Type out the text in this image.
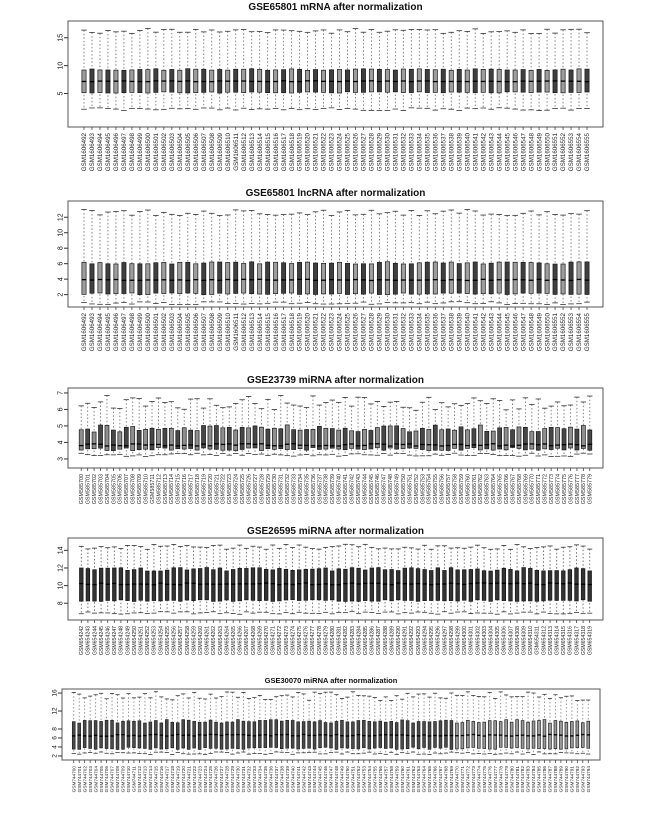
GSE65801 mRNA after normalization
5
10
15
GSM1606492 GSM1606493 GSM1606494 GSM1606495 GSM1606496 GSM1606497 GSM1606498 GSM1606499 GSM1606500 GSM1606501 GSM1606502 GSM1606503 GSM1606504 GSM1606505 GSM1606506 GSM1606507 GSM1606508 GSM1606509 GSM1606510 GSM1606511 GSM1606512 GSM1606513 GSM1606514 GSM1606515 GSM1606516 GSM1606517 GSM1606518 GSM1606519 GSM1606520 GSM1606521 GSM1606522 GSM1606523 GSM1606524 GSM1606525 GSM1606526 GSM1606527 GSM1606528 GSM1606529 GSM1606530 GSM1606531 GSM1606532 GSM1606533 GSM1606534 GSM1606535 GSM1606536 GSM1606537 GSM1606538 GSM1606539 GSM1606540 GSM1606541 GSM1606542 GSM1606543 GSM1606544 GSM1606545 GSM1606546 GSM1606547 GSM1606548 GSM1606549 GSM1606550 GSM1606551 GSM1606552 GSM1606553 GSM1606554 GSM1606555
GSE65801 lncRNA after normalization
2
4
6
8
10
12
GSM1606492 GSM1606493 GSM1606494 GSM1606495 GSM1606496 GSM1606497 GSM1606498 GSM1606499 GSM1606500 GSM1606501 GSM1606502 GSM1606503 GSM1606504 GSM1606505 GSM1606506 GSM1606507 GSM1606508 GSM1606509 GSM1606510 GSM1606511 GSM1606512 GSM1606513 GSM1606514 GSM1606515 GSM1606516 GSM1606517 GSM1606518 GSM1606519 GSM1606520 GSM1606521 GSM1606522 GSM1606523 GSM1606524 GSM1606525 GSM1606526 GSM1606527 GSM1606528 GSM1606529 GSM1606530 GSM1606531 GSM1606532 GSM1606533 GSM1606534 GSM1606535 GSM1606536 GSM1606537 GSM1606538 GSM1606539 GSM1606540 GSM1606541 GSM1606542 GSM1606543 GSM1606544 GSM1606545 GSM1606546 GSM1606547 GSM1606548 GSM1606549 GSM1606550 GSM1606551 GSM1606552 GSM1606553 GSM1606554 GSM1606555
GSE23739 miRNA after normalization
3
4
5
6
7
GSM585700 GSM585701 GSM585702 GSM585703 GSM585704 GSM585705 GSM585706 GSM585707 GSM585708 GSM585709 GSM585710 GSM585711 GSM585712 GSM585713 GSM585714 GSM585715 GSM585716 GSM585717 GSM585718 GSM585719 GSM585720 GSM585721 GSM585722 GSM585723 GSM585724 GSM585725 GSM585726 GSM585727 GSM585728 GSM585729 GSM585730 GSM585731 GSM585732 GSM585733 GSM585734 GSM585735 GSM585736 GSM585737 GSM585738 GSM585739 GSM585740 GSM585741 GSM585742 GSM585743 GSM585744 GSM585745 GSM585746 GSM585747 GSM585748 GSM585749 GSM585750 GSM585751 GSM585752 GSM585753 GSM585754 GSM585755 GSM585756 GSM585757 GSM585758 GSM585759 GSM585760 GSM585761 GSM585762 GSM585763 GSM585764 GSM585765 GSM585766 GSM585767 GSM585768 GSM585769 GSM585770 GSM585771 GSM585772 GSM585773 GSM585774 GSM585775 GSM585776 GSM585777 GSM585778 GSM585779
GSE26595 miRNA after normalization
8
10
12
14
GSM654242 GSM654243 GSM654244 GSM654245 GSM654246 GSM654247 GSM654248 GSM654249 GSM654250 GSM654251 GSM654252 GSM654253 GSM654254 GSM654255 GSM654256 GSM654257 GSM654258 GSM654259 GSM654260 GSM654261 GSM654262 GSM654263 GSM654264 GSM654265 GSM654266 GSM654267 GSM654268 GSM654269 GSM654270 GSM654271 GSM654272 GSM654273 GSM654274 GSM654275 GSM654276 GSM654277 GSM654278 GSM654279 GSM654280 GSM654281 GSM654282 GSM654283 GSM654284 GSM654285 GSM654286 GSM654287 GSM654288 GSM654289 GSM654290 GSM654291 GSM654292 GSM654293 GSM654294 GSM654295 GSM654296 GSM654297 GSM654298 GSM654299 GSM654300 GSM654301 GSM654302 GSM654303 GSM654304 GSM654305 GSM654306 GSM654307 GSM654308 GSM654309 GSM654310 GSM654311 GSM654312 GSM654313 GSM654314 GSM654315 GSM654316 GSM654317 GSM654318 GSM654319
GSE30070 miRNA after normalization
2
4
6
8
12
16
GSM744700 GSM744701 GSM744702 GSM744703 GSM744704 GSM744705 GSM744706 GSM744707 GSM744708 GSM744709 GSM744710 GSM744711 GSM744712 GSM744713 GSM744714 GSM744715 GSM744716 GSM744717 GSM744718 GSM744719 GSM744720 GSM744721 GSM744722 GSM744723 GSM744724 GSM744725 GSM744726 GSM744727 GSM744728 GSM744729 GSM744730 GSM744731 GSM744732 GSM744733 GSM744734 GSM744735 GSM744736 GSM744737 GSM744738 GSM744739 GSM744740 GSM744741 GSM744742 GSM744743 GSM744744 GSM744745 GSM744746 GSM744747 GSM744748 GSM744749 GSM744750 GSM744751 GSM744752 GSM744753 GSM744754 GSM744755 GSM744756 GSM744757 GSM744758 GSM744759 GSM744760 GSM744761 GSM744762 GSM744763 GSM744764 GSM744765 GSM744766 GSM744767 GSM744768 GSM744769 GSM744770 GSM744771 GSM744772 GSM744773 GSM744774 GSM744775 GSM744776 GSM744777 GSM744778 GSM744779 GSM744780 GSM744781 GSM744782 GSM744783 GSM744784 GSM744785 GSM744786 GSM744787 GSM744788 GSM744789 GSM744790 GSM744791 GSM744792 GSM744793 GSM744794
